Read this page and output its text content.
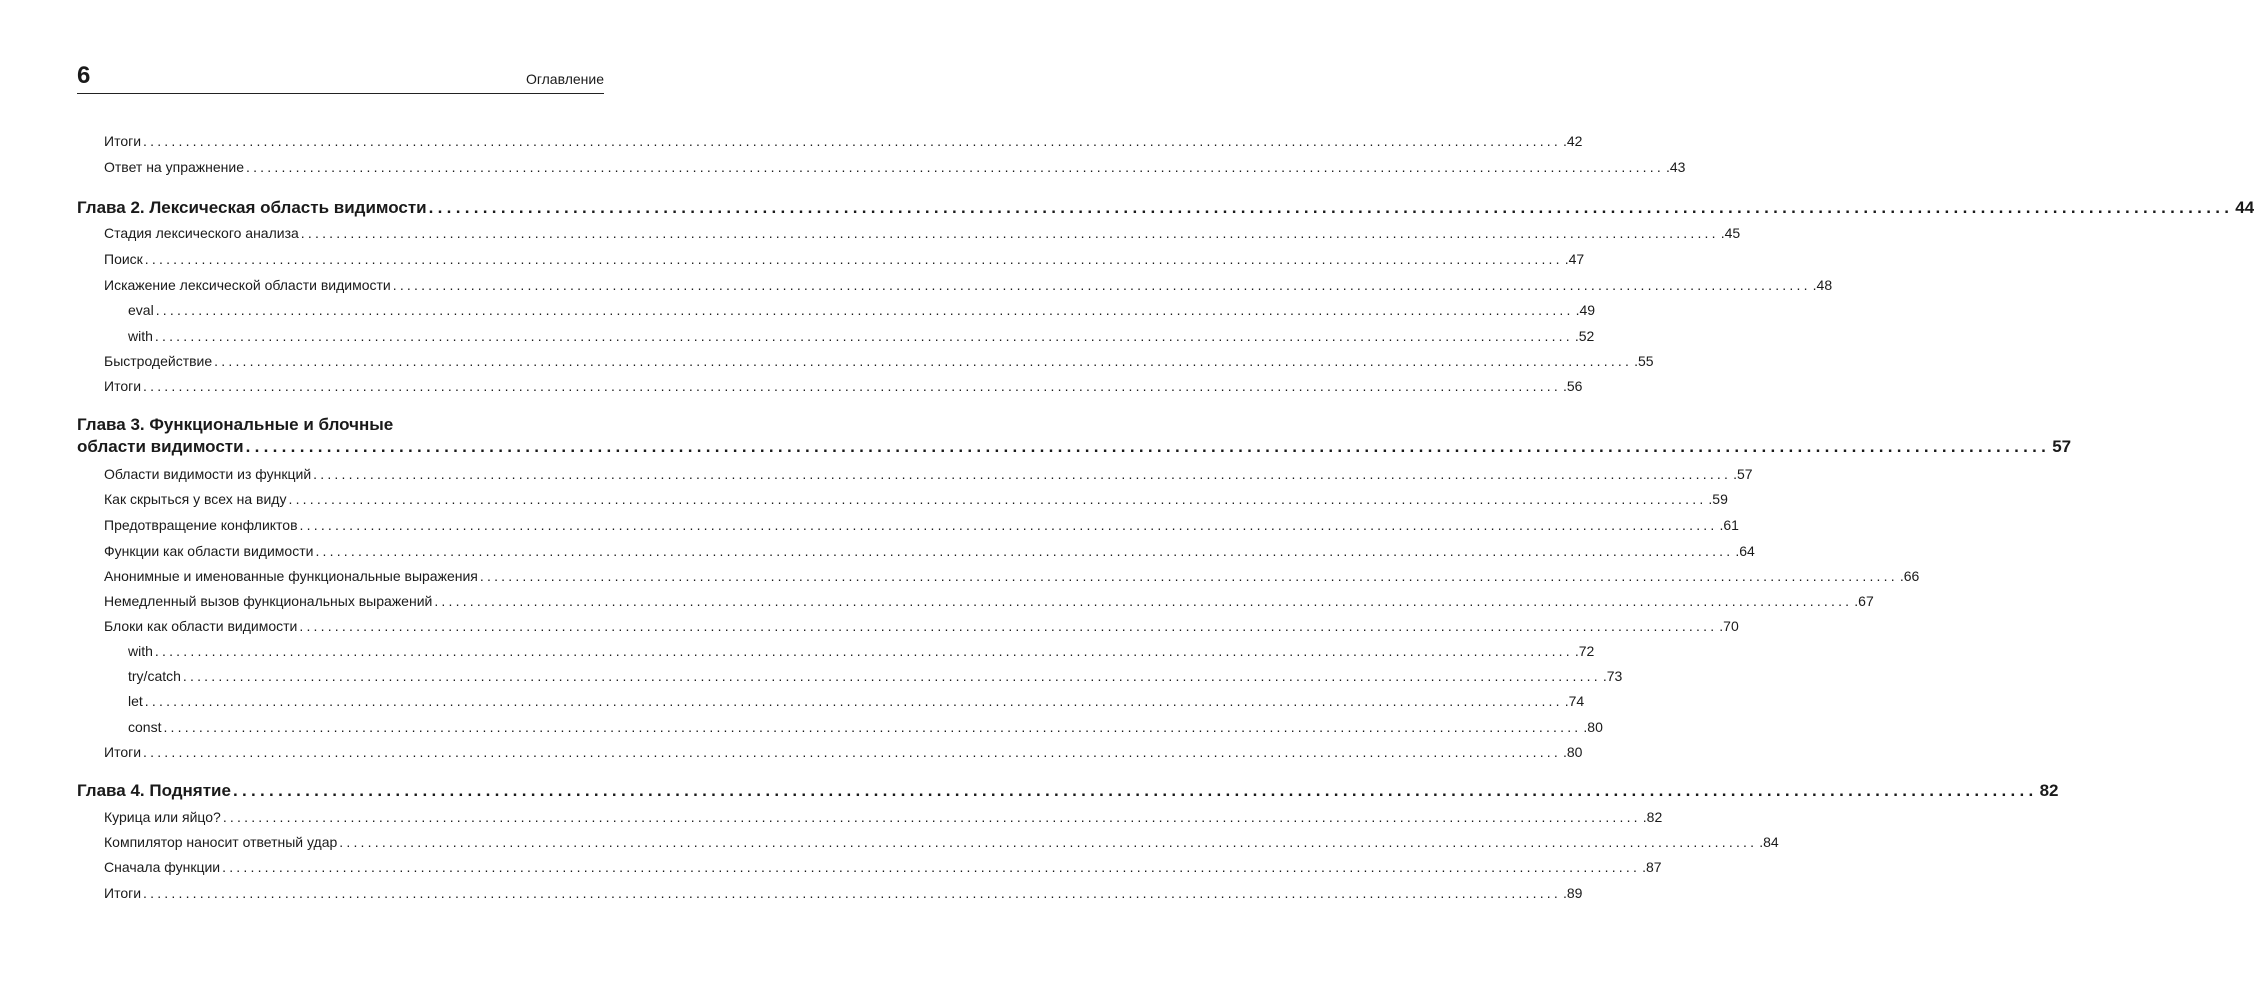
6	Оглавление
Итоги ........................................................................................................................................................................................................ .42
Ответ на упражнение ........................................................................................................................................................................................................ .43
Глава 2. Лексическая область видимости ........................................................................................................................................................................................................ 44
Стадия лексического анализа ........................................................................................................................................................................................................ .45
Поиск ........................................................................................................................................................................................................ .47
Искажение лексической области видимости ........................................................................................................................................................................................................ .48
eval ........................................................................................................................................................................................................ .49
with ........................................................................................................................................................................................................ .52
Быстродействие ........................................................................................................................................................................................................ .55
Итоги ........................................................................................................................................................................................................ .56
Глава 3. Функциональные и блочные
области видимости ........................................................................................................................................................................................................ 57
Области видимости из функций ........................................................................................................................................................................................................ .57
Как скрыться у всех на виду ........................................................................................................................................................................................................ .59
Предотвращение конфликтов ........................................................................................................................................................................................................ .61
Функции как области видимости ........................................................................................................................................................................................................ .64
Анонимные и именованные функциональные выражения ........................................................................................................................................................................................................ .66
Немедленный вызов функциональных выражений ........................................................................................................................................................................................................ .67
Блоки как области видимости ........................................................................................................................................................................................................ .70
with ........................................................................................................................................................................................................ .72
try/catch ........................................................................................................................................................................................................ .73
let ........................................................................................................................................................................................................ .74
const ........................................................................................................................................................................................................ .80
Итоги ........................................................................................................................................................................................................ .80
Глава 4. Поднятие ........................................................................................................................................................................................................ 82
Курица или яйцо? ........................................................................................................................................................................................................ .82
Компилятор наносит ответный удар ........................................................................................................................................................................................................ .84
Сначала функции ........................................................................................................................................................................................................ .87
Итоги ........................................................................................................................................................................................................ .89
